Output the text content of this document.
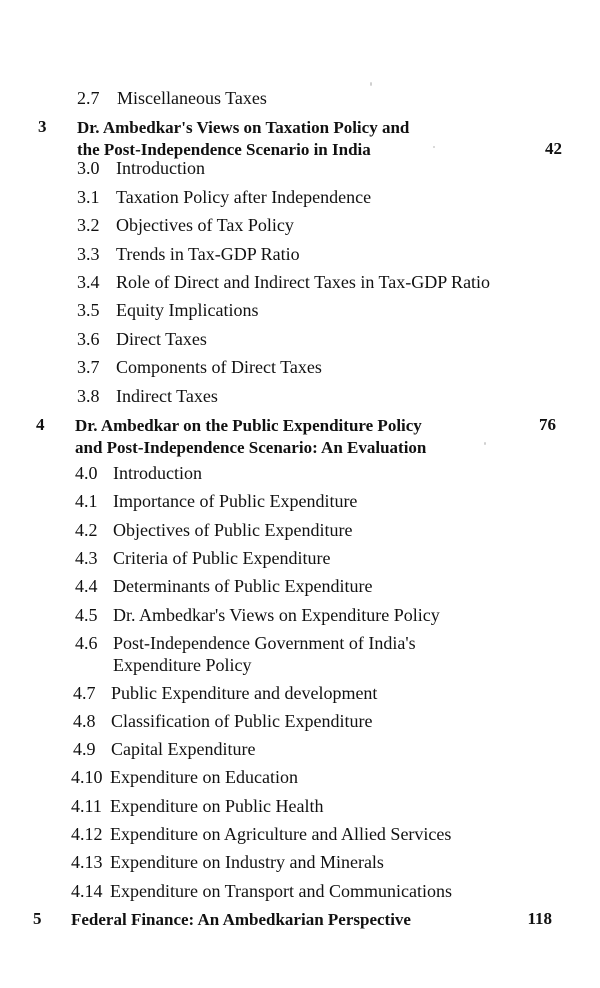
2.7 Miscellaneous Taxes
3 Dr. Ambedkar's Views on Taxation Policy and
the Post-Independence Scenario in India	42
3.0 Introduction
3.1 Taxation Policy after Independence
3.2 Objectives of Tax Policy
3.3 Trends in Tax-GDP Ratio
3.4 Role of Direct and Indirect Taxes in Tax-GDP Ratio
3.5 Equity Implications
3.6 Direct Taxes
3.7 Components of Direct Taxes
3.8 Indirect Taxes
4 Dr. Ambedkar on the Public Expenditure Policy
and Post-Independence Scenario: An Evaluation
76
4.0 Introduction
4.1 Importance of Public Expenditure
4.2 Objectives of Public Expenditure
4.3 Criteria of Public Expenditure
4.4 Determinants of Public Expenditure
4.5 Dr. Ambedkar's Views on Expenditure Policy
4.6 Post-Independence Government of India's
Expenditure Policy
4.7 Public Expenditure and development
4.8 Classification of Public Expenditure
4.9 Capital Expenditure
4.10 Expenditure on Education
4.11 Expenditure on Public Health
4.12 Expenditure on Agriculture and Allied Services
4.13 Expenditure on Industry and Minerals
4.14 Expenditure on Transport and Communications
5 Federal Finance: An Ambedkarian Perspective	118
